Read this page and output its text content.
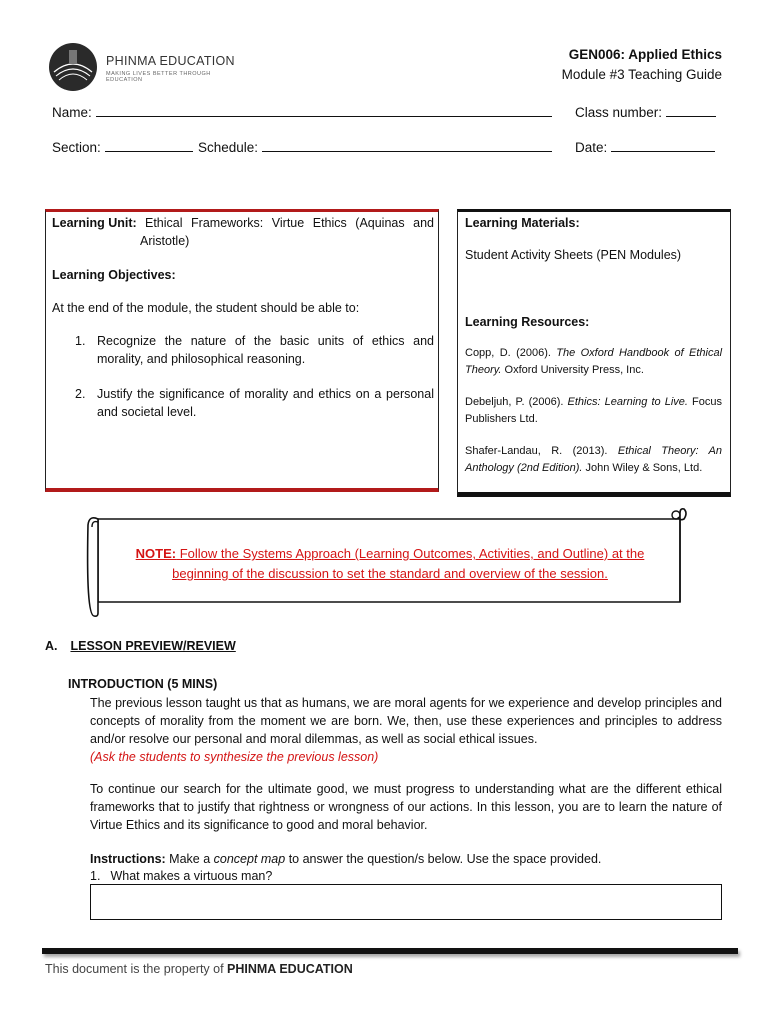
PHINMA EDUCATION
MAKING LIVES BETTER THROUGH EDUCATION
GEN006: Applied Ethics
Module #3 Teaching Guide
Name:	Class number:
Section:	Schedule:	Date:
Learning Unit: Ethical Frameworks: Virtue Ethics (Aquinas and
Aristotle)
Learning Objectives:
At the end of the module, the student should be able to:
1. Recognize the nature of the basic units of ethics and morality, and philosophical reasoning.
2. Justify the significance of morality and ethics on a personal and societal level.
Learning Materials:
Student Activity Sheets (PEN Modules)
Learning Resources:
Copp, D. (2006). The Oxford Handbook of Ethical Theory. Oxford University Press, Inc.
Debeljuh, P. (2006). Ethics: Learning to Live. Focus Publishers Ltd.
Shafer-Landau, R. (2013). Ethical Theory: An Anthology (2nd Edition). John Wiley & Sons, Ltd.
NOTE: Follow the Systems Approach (Learning Outcomes, Activities, and Outline) at the beginning of the discussion to set the standard and overview of the session.
A. LESSON PREVIEW/REVIEW
INTRODUCTION (5 MINS)
The previous lesson taught us that as humans, we are moral agents for we experience and develop principles and concepts of morality from the moment we are born. We, then, use these experiences and principles to address and/or resolve our personal and moral dilemmas, as well as social ethical issues.
(Ask the students to synthesize the previous lesson)
To continue our search for the ultimate good, we must progress to understanding what are the different ethical frameworks that to justify that rightness or wrongness of our actions. In this lesson, you are to learn the nature of Virtue Ethics and its significance to good and moral behavior.
Instructions: Make a concept map to answer the question/s below. Use the space provided.
1. What makes a virtuous man?
This document is the property of PHINMA EDUCATION
